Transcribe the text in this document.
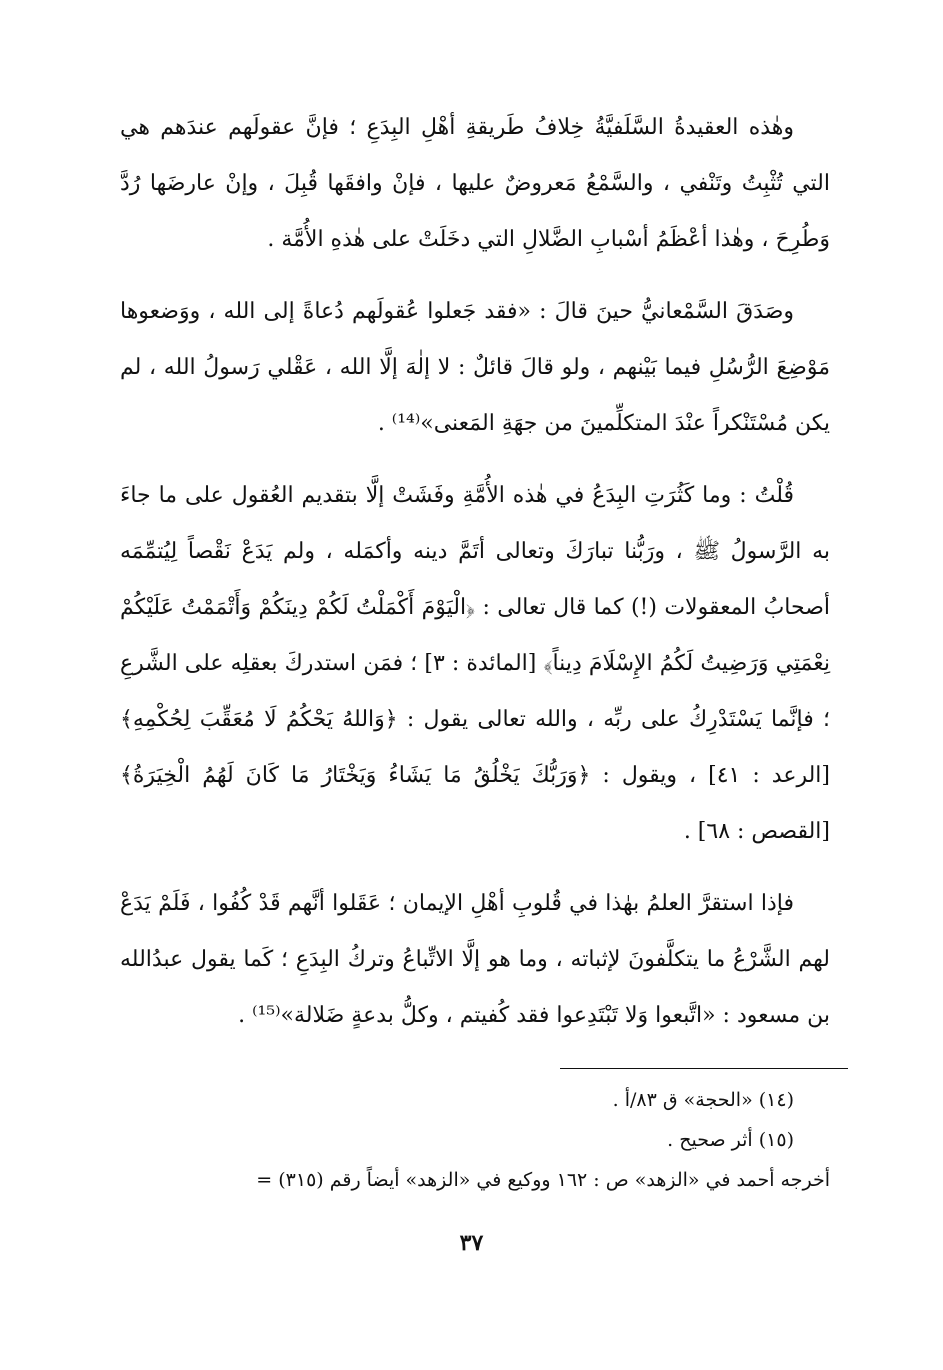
وهٰذه العقيدةُ السَّلَفيَّةُ خِلافُ طَريقةِ أهْلِ البِدَعِ ؛ فإنَّ عقولَهم عندَهم هي التي تُثْبِتُ وتَنْفي ، والسَّمْعُ مَعروضٌ عليها ، فإنْ وافقَها قُبِلَ ، وإنْ عارضَها رُدَّ وَطُرِحَ ، وهٰذا أعْظَمُ أسْبابِ الضَّلالِ التي دخَلَتْ على هٰذهِ الأُمَّة .

وصَدَقَ السَّمْعانيُّ حينَ قالَ : «فقد جَعلوا عُقولَهم دُعاةً إلى الله ، ووَضعوها مَوْضِعَ الرُّسُلِ فيما بَيْنهم ، ولو قالَ قائلٌ : لا إلٰهَ إلَّا الله ، عَقْلي رَسولُ الله ، لم يكن مُسْتَنْكراً عنْدَ المتكلِّمينَ من جهَةِ المَعنى»⁽¹⁴⁾ .

قُلْتُ : وما كَثُرَتِ البِدَعُ في هٰذه الأُمَّةِ وفَشَتْ إلَّا بتقديم العُقول على ما جاءَ به الرَّسولُ ﷺ ، ورَبُّنا تبارَكَ وتعالى أتَمَّ دينه وأكمَله ، ولم يَدَعْ نَقْصاً لِيُتمِّمَه أصحابُ المعقولات (!) كما قال تعالى : ﴿الْيَوْمَ أَكْمَلْتُ لَكُمْ دِينَكُمْ وَأَتْمَمْتُ عَلَيْكُمْ نِعْمَتِي وَرَضِيتُ لَكُمُ الإِسْلَامَ دِيناً﴾ [المائدة : ٣] ؛ فمَن استدركَ بعقلِه على الشَّرعِ ؛ فإنَّما يَسْتَدْرِكُ على ربِّه ، والله تعالى يقول : ﴿وَاللهُ يَحْكُمُ لَا مُعَقِّبَ لِحُكْمِهِ﴾ [الرعد : ٤١] ، ويقول : ﴿وَرَبُّكَ يَخْلُقُ مَا يَشَاءُ وَيَخْتَارُ مَا كَانَ لَهُمُ الْخِيَرَةُ﴾ [القصص : ٦٨] .

فإذا استقرَّ العلمُ بهٰذا في قُلوبِ أهْلِ الإيمان ؛ عَقَلوا أنَّهم قَدْ كُفُوا ، فَلَمْ يَدَعْ لهم الشَّرْعُ ما يتكلَّفونَ لإثباته ، وما هو إلَّا الاتِّباعُ وتركُ البِدَعِ ؛ كَما يقول عبدُالله بن مسعود : «اتَّبعوا وَلا تَبْتَدِعوا فقد كُفيتم ، وكلُّ بدعةٍ ضَلالة»⁽¹⁵⁾ .

(١٤) «الحجة» ق ٨٣/أ .

(١٥) أثر صحيح .

أخرجه أحمد في «الزهد» ص : ١٦٢ ووكيع في «الزهد» أيضاً رقم (٣١٥) =

٣٧
